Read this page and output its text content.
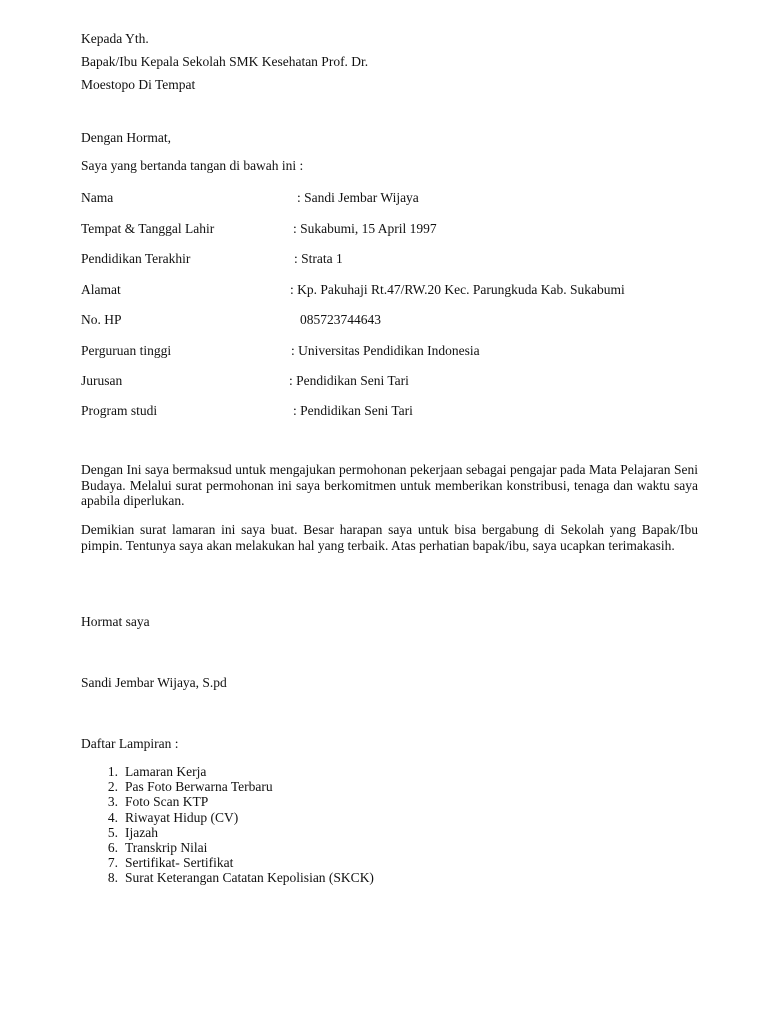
Kepada Yth.
Bapak/Ibu Kepala Sekolah SMK Kesehatan Prof. Dr.
Moestopo Di Tempat
Dengan Hormat,
Saya yang bertanda tangan di bawah ini :
Nama	: Sandi Jembar Wijaya
Tempat & Tanggal Lahir	: Sukabumi, 15 April 1997
Pendidikan Terakhir	: Strata 1
Alamat	: Kp. Pakuhaji Rt.47/RW.20 Kec. Parungkuda Kab. Sukabumi
No. HP	085723744643
Perguruan tinggi	: Universitas Pendidikan Indonesia
Jurusan	: Pendidikan Seni Tari
Program studi	: Pendidikan Seni Tari
Dengan Ini saya bermaksud untuk mengajukan permohonan pekerjaan sebagai pengajar pada Mata Pelajaran Seni Budaya. Melalui surat permohonan ini saya berkomitmen untuk memberikan konstribusi, tenaga dan waktu saya apabila diperlukan.
Demikian surat lamaran ini saya buat. Besar harapan saya untuk bisa bergabung di Sekolah yang Bapak/Ibu pimpin. Tentunya saya akan melakukan hal yang terbaik. Atas perhatian bapak/ibu, saya ucapkan terimakasih.
Hormat saya
Sandi Jembar Wijaya, S.pd
Daftar Lampiran :
1. Lamaran Kerja
2. Pas Foto Berwarna Terbaru
3. Foto Scan KTP
4. Riwayat Hidup (CV)
5. Ijazah
6. Transkrip Nilai
7. Sertifikat- Sertifikat
8. Surat Keterangan Catatan Kepolisian (SKCK)
